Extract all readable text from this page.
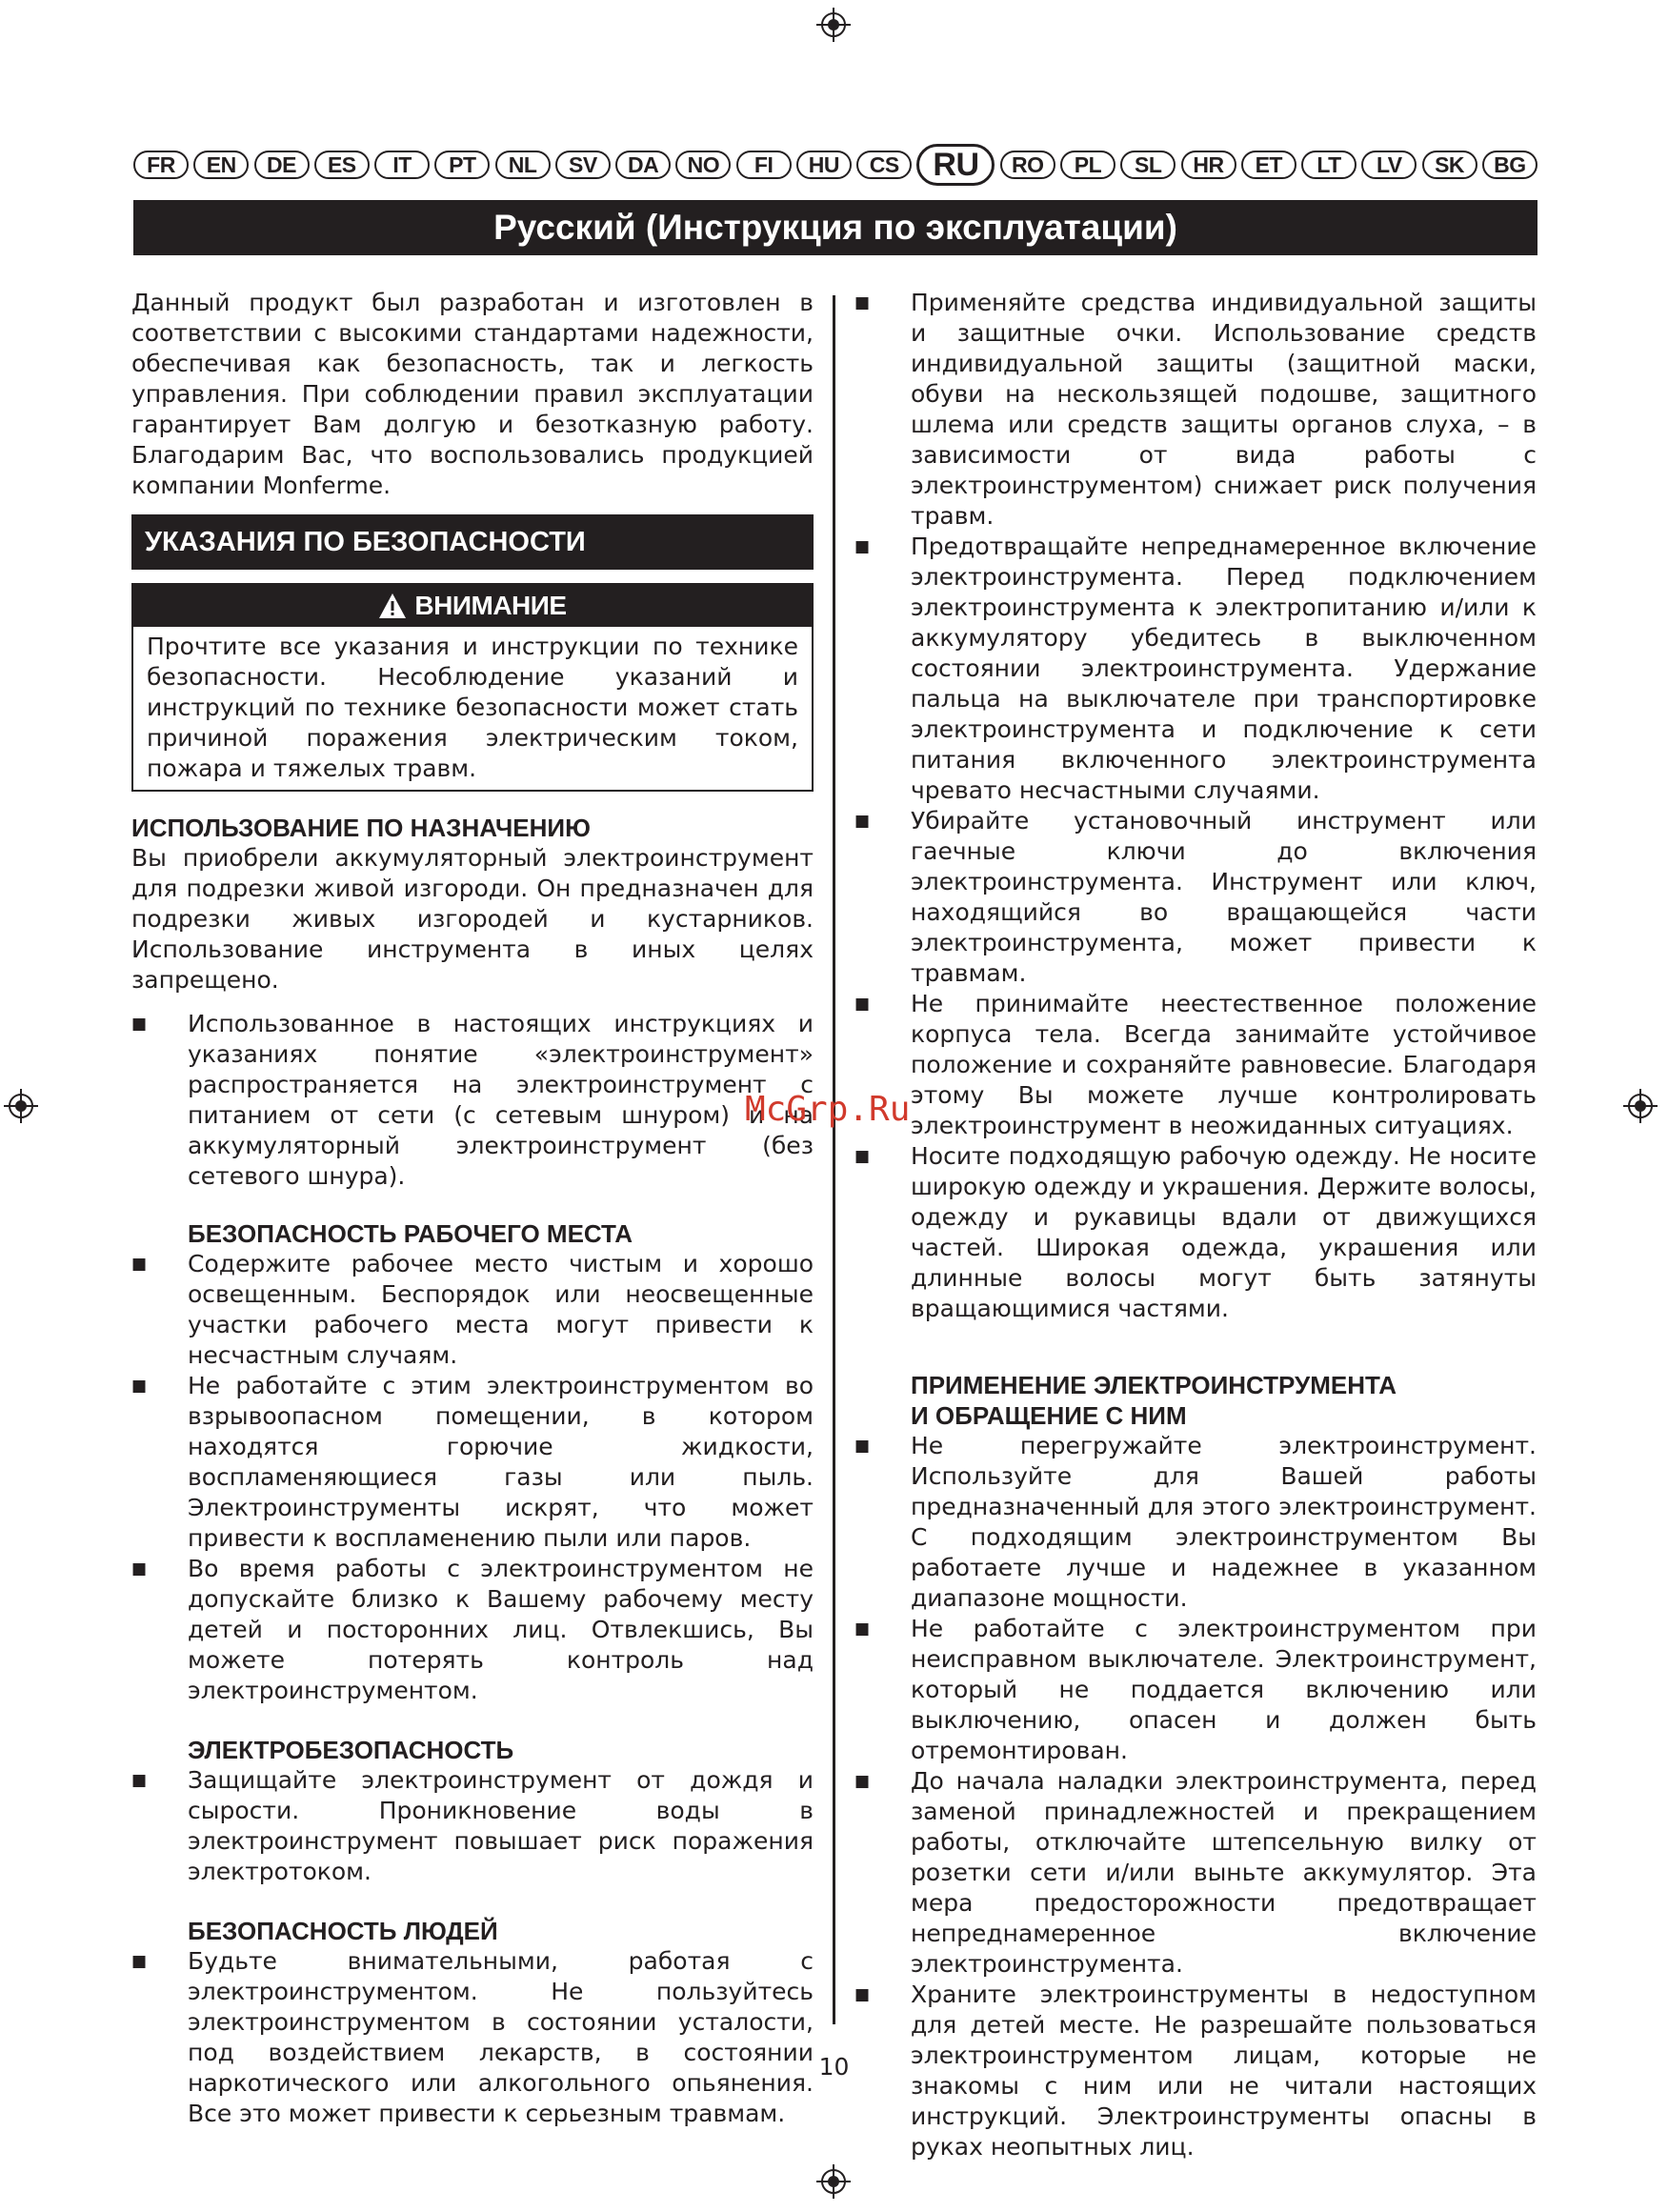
FR	EN	DE	ES	IT	PT	NL	SV	DA	NO	FI	HU	CS	RU	RO	PL	SL	HR	ET	LT	LV	SK	BG
Русский (Инструкция по эксплуатации)

Данный продукт был разработан и изготовлен в соответствии с высокими стандартами надежности, обеспечивая как безопасность, так и легкость управления. При соблюдении правил эксплуатации гарантирует Вам долгую и безотказную работу. Благодарим Вас, что воспользовались продукцией компании Monferme.

УКАЗАНИЯ ПО БЕЗОПАСНОСТИ
ВНИМАНИЕ
Прочтите все указания и инструкции по технике безопасности. Несоблюдение указаний и инструкций по технике безопасности может стать причиной поражения электрическим током, пожара и тяжелых травм.
ИСПОЛЬЗОВАНИЕ ПО НАЗНАЧЕНИЮ

Вы приобрели аккумуляторный электроинструмент для подрезки живой изгороди. Он предназначен для подрезки живых изгородей и кустарников. Использование инструмента в иных целях запрещено.

■ Использованное в настоящих инструкциях и указаниях понятие «электроинструмент» распространяется на электроинструмент с питанием от сети (с сетевым шнуром) и на аккумуляторный электроинструмент (без сетевого шнура).
БЕЗОПАСНОСТЬ РАБОЧЕГО МЕСТА
■ Содержите рабочее место чистым и хорошо освещенным. Беспорядок или неосвещенные участки рабочего места могут привести к несчастным случаям.
■ Не работайте с этим электроинструментом во взрывоопасном помещении, в котором находятся горючие жидкости, воспламеняющиеся газы или пыль. Электроинструменты искрят, что может привести к воспламенению пыли или паров.
■ Во время работы с электроинструментом не допускайте близко к Вашему рабочему месту детей и посторонних лиц. Отвлекшись, Вы можете потерять контроль над электроинструментом.
ЭЛЕКТРОБЕЗОПАСНОСТЬ
■ Защищайте электроинструмент от дождя и сырости. Проникновение воды в электроинструмент повышает риск поражения электротоком.
БЕЗОПАСНОСТЬ ЛЮДЕЙ
■ Будьте внимательными, работая с электроинструментом. Не пользуйтесь электроинструментом в состоянии усталости, под воздействием лекарств, в состоянии наркотического или алкогольного опьянения. Все это может привести к серьезным травмам.
■ Применяйте средства индивидуальной защиты и защитные очки. Использование средств индивидуальной защиты (защитной маски, обуви на нескользящей подошве, защитного шлема или средств защиты органов слуха, – в зависимости от вида работы с электроинструментом) снижает риск получения травм.
■ Предотвращайте непреднамеренное включение электроинструмента. Перед подключением электроинструмента к электропитанию и/или к аккумулятору убедитесь в выключенном состоянии электроинструмента. Удержание пальца на выключателе при транспортировке электроинструмента и подключение к сети питания включенного электроинструмента чревато несчастными случаями.
■ Убирайте установочный инструмент или гаечные ключи до включения электроинструмента. Инструмент или ключ, находящийся во вращающейся части электроинструмента, может привести к травмам.
■ Не принимайте неестественное положение корпуса тела. Всегда занимайте устойчивое положение и сохраняйте равновесие. Благодаря этому Вы можете лучше контролировать электроинструмент в неожиданных ситуациях.
■ Носите подходящую рабочую одежду. Не носите широкую одежду и украшения. Держите волосы, одежду и рукавицы вдали от движущихся частей. Широкая одежда, украшения или длинные волосы могут быть затянуты вращающимися частями.
ПРИМЕНЕНИЕ ЭЛЕКТРОИНСТРУМЕНТА
И ОБРАЩЕНИЕ С НИМ
■ Не перегружайте электроинструмент. Используйте для Вашей работы предназначенный для этого электроинструмент. С подходящим электроинструментом Вы работаете лучше и надежнее в указанном диапазоне мощности.
■ Не работайте с электроинструментом при неисправном выключателе. Электроинструмент, который не поддается включению или выключению, опасен и должен быть отремонтирован.
■ До начала наладки электроинструмента, перед заменой принадлежностей и прекращением работы, отключайте штепсельную вилку от розетки сети и/или выньте аккумулятор. Эта мера предосторожности предотвращает непреднамеренное включение электроинструмента.
■ Храните электроинструменты в недоступном для детей месте. Не разрешайте пользоваться электроинструментом лицам, которые не знакомы с ним или не читали настоящих инструкций. Электроинструменты опасны в руках неопытных лиц.
McGrp.Ru
10
